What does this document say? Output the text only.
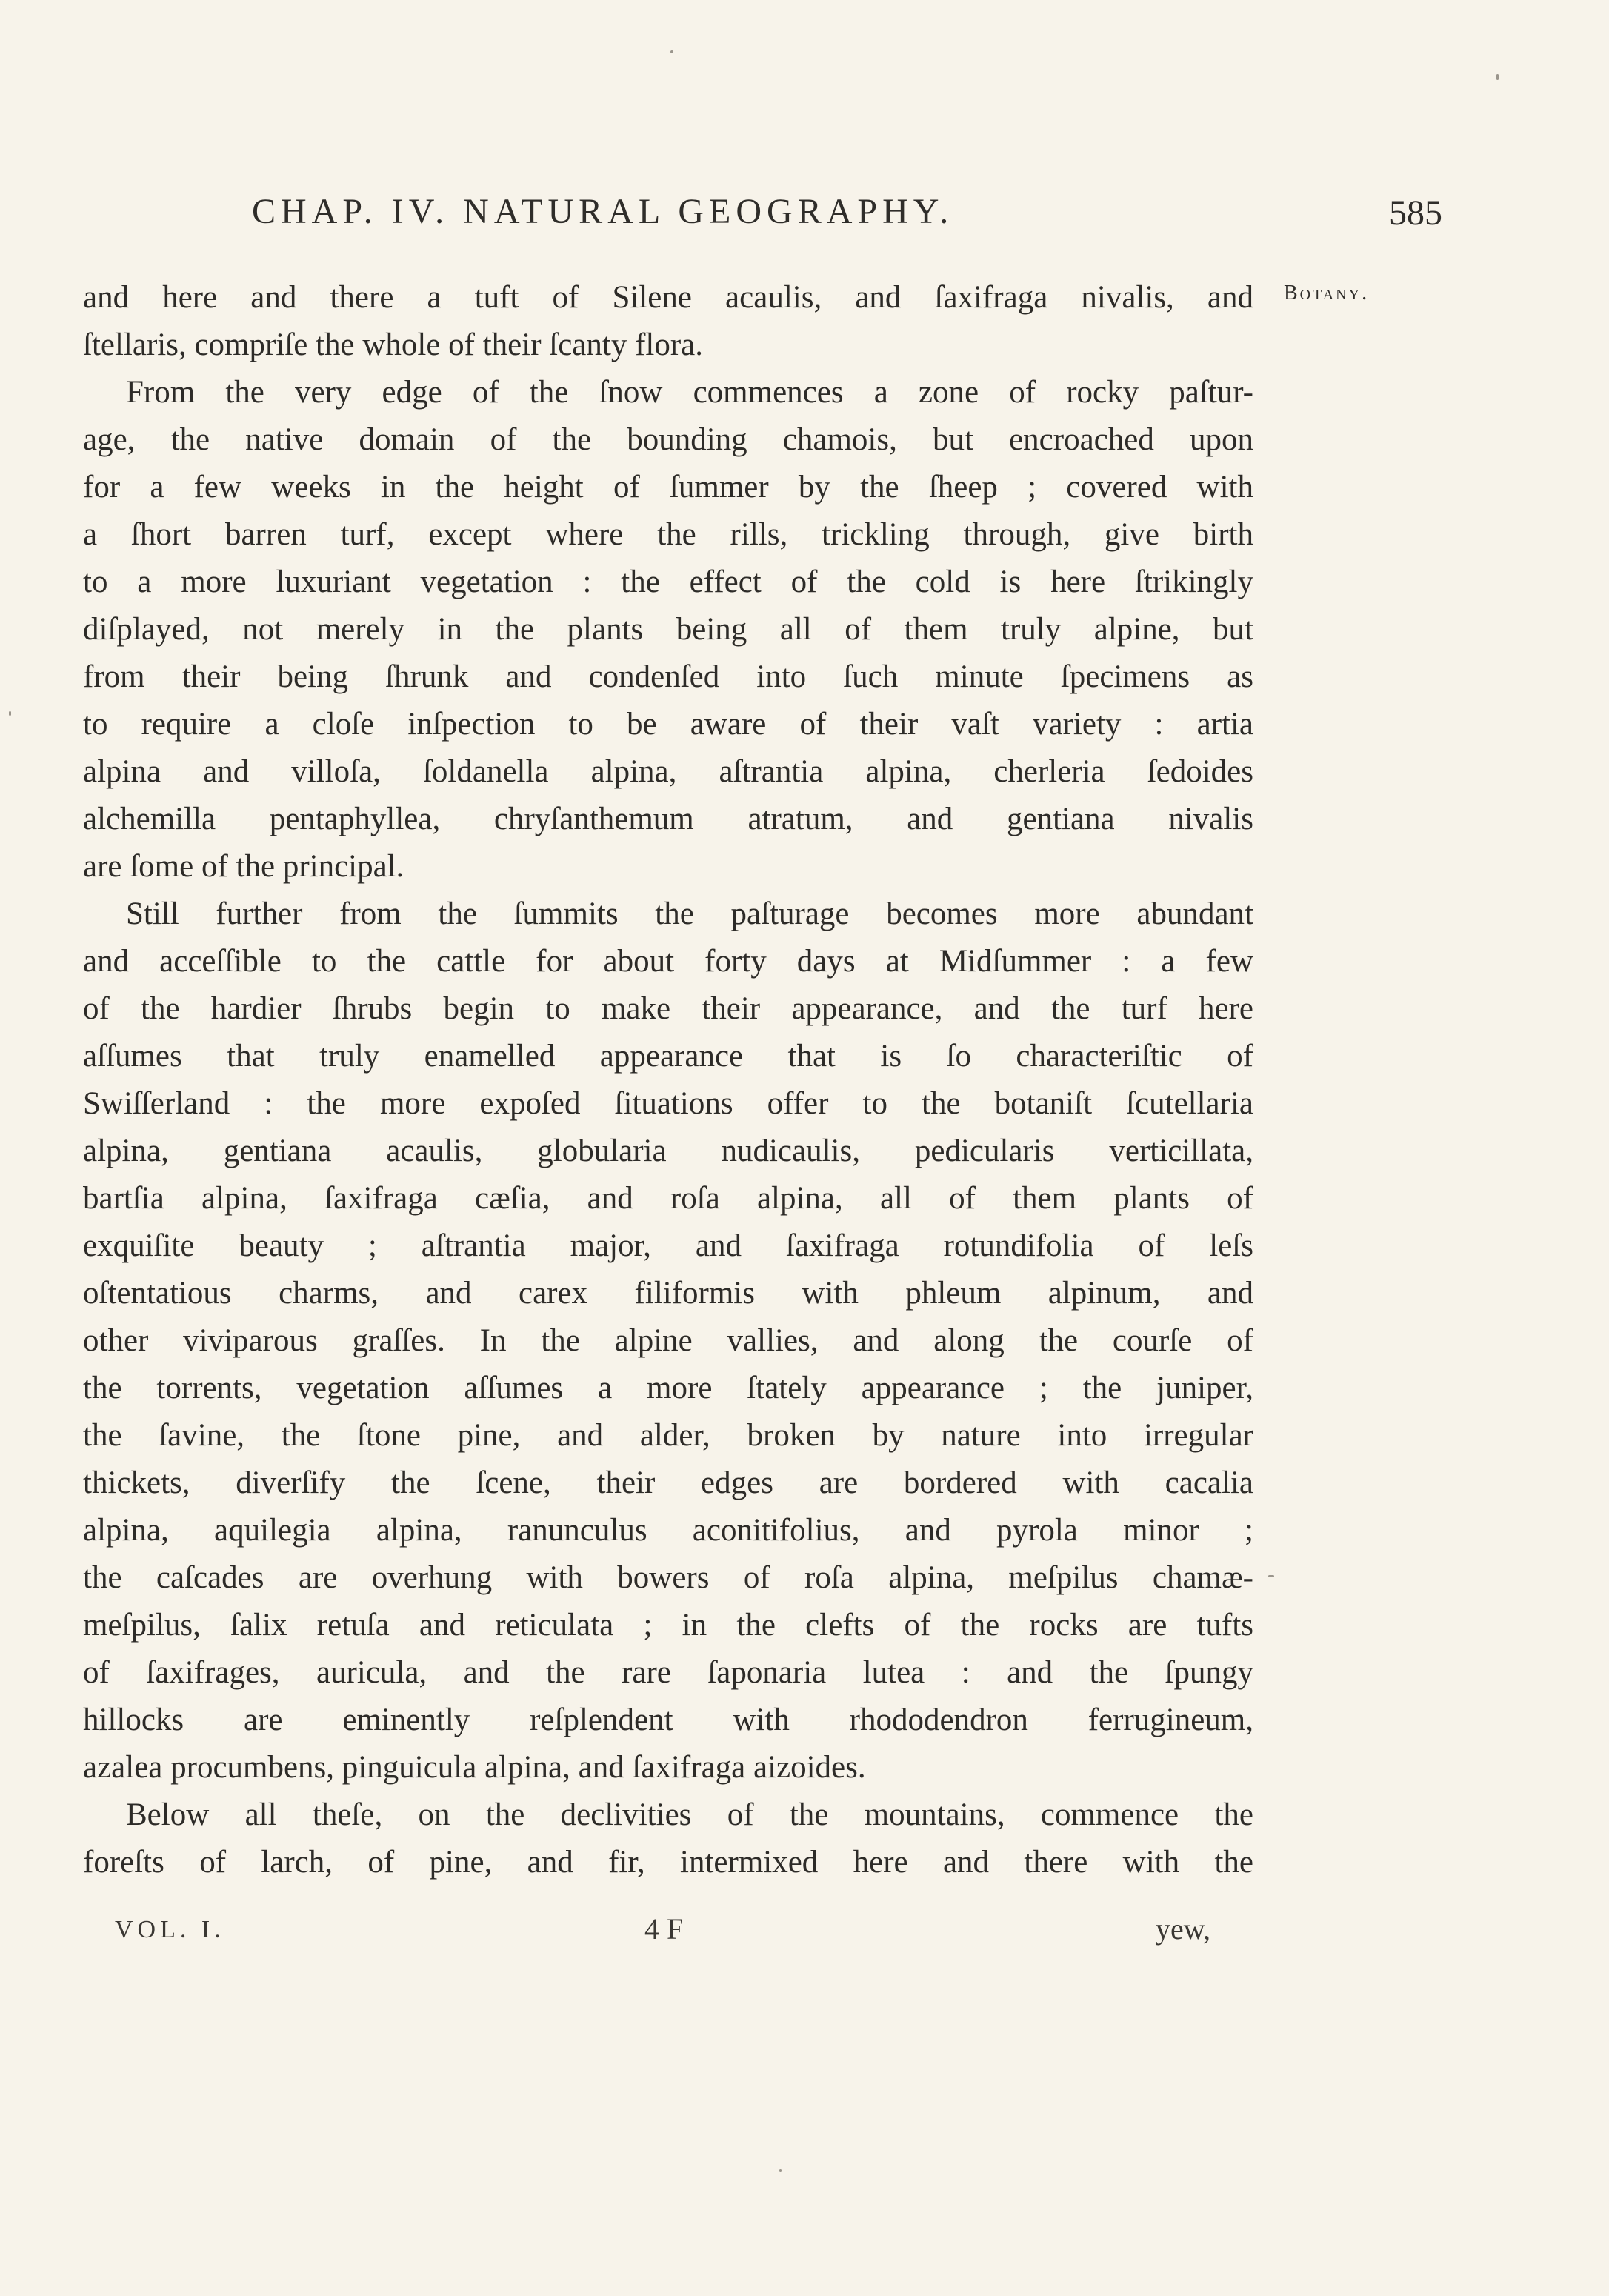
CHAP. IV. NATURAL GEOGRAPHY.	585
Botany.
and here and there a tuft of Silene acaulis, and ſaxifraga nivalis, and
ſtellaris, compriſe the whole of their ſcanty flora.
From the very edge of the ſnow commences a zone of rocky paſtur-
age, the native domain of the bounding chamois, but encroached upon
for a few weeks in the height of ſummer by the ſheep ; covered with
a ſhort barren turf, except where the rills, trickling through, give birth
to a more luxuriant vegetation : the effect of the cold is here ſtrikingly
diſplayed, not merely in the plants being all of them truly alpine, but
from their being ſhrunk and condenſed into ſuch minute ſpecimens as
to require a cloſe inſpection to be aware of their vaſt variety : artia
alpina and villoſa, ſoldanella alpina, aſtrantia alpina, cherleria ſedoides
alchemilla pentaphyllea, chryſanthemum atratum, and gentiana nivalis
are ſome of the principal.
Still further from the ſummits the paſturage becomes more abundant
and acceſſible to the cattle for about forty days at Midſummer : a few
of the hardier ſhrubs begin to make their appearance, and the turf here
aſſumes that truly enamelled appearance that is ſo characteriſtic of
Swiſſerland : the more expoſed ſituations offer to the botaniſt ſcutellaria
alpina, gentiana acaulis, globularia nudicaulis, pedicularis verticillata,
bartſia alpina, ſaxifraga cæſia, and roſa alpina, all of them plants of
exquiſite beauty ; aſtrantia major, and ſaxifraga rotundifolia of leſs
oſtentatious charms, and carex filiformis with phleum alpinum, and
other viviparous graſſes. In the alpine vallies, and along the courſe of
the torrents, vegetation aſſumes a more ſtately appearance ; the juniper,
the ſavine, the ſtone pine, and alder, broken by nature into irregular
thickets, diverſify the ſcene, their edges are bordered with cacalia
alpina, aquilegia alpina, ranunculus aconitifolius, and pyrola minor ;
the caſcades are overhung with bowers of roſa alpina, meſpilus chamæ-
meſpilus, ſalix retuſa and reticulata ; in the clefts of the rocks are tufts
of ſaxifrages, auricula, and the rare ſaponaria lutea : and the ſpungy
hillocks are eminently reſplendent with rhododendron ferrugineum,
azalea procumbens, pinguicula alpina, and ſaxifraga aizoides.
Below all theſe, on the declivities of the mountains, commence the
foreſts of larch, of pine, and fir, intermixed here and there with the
VOL. I.	4 F	yew,
